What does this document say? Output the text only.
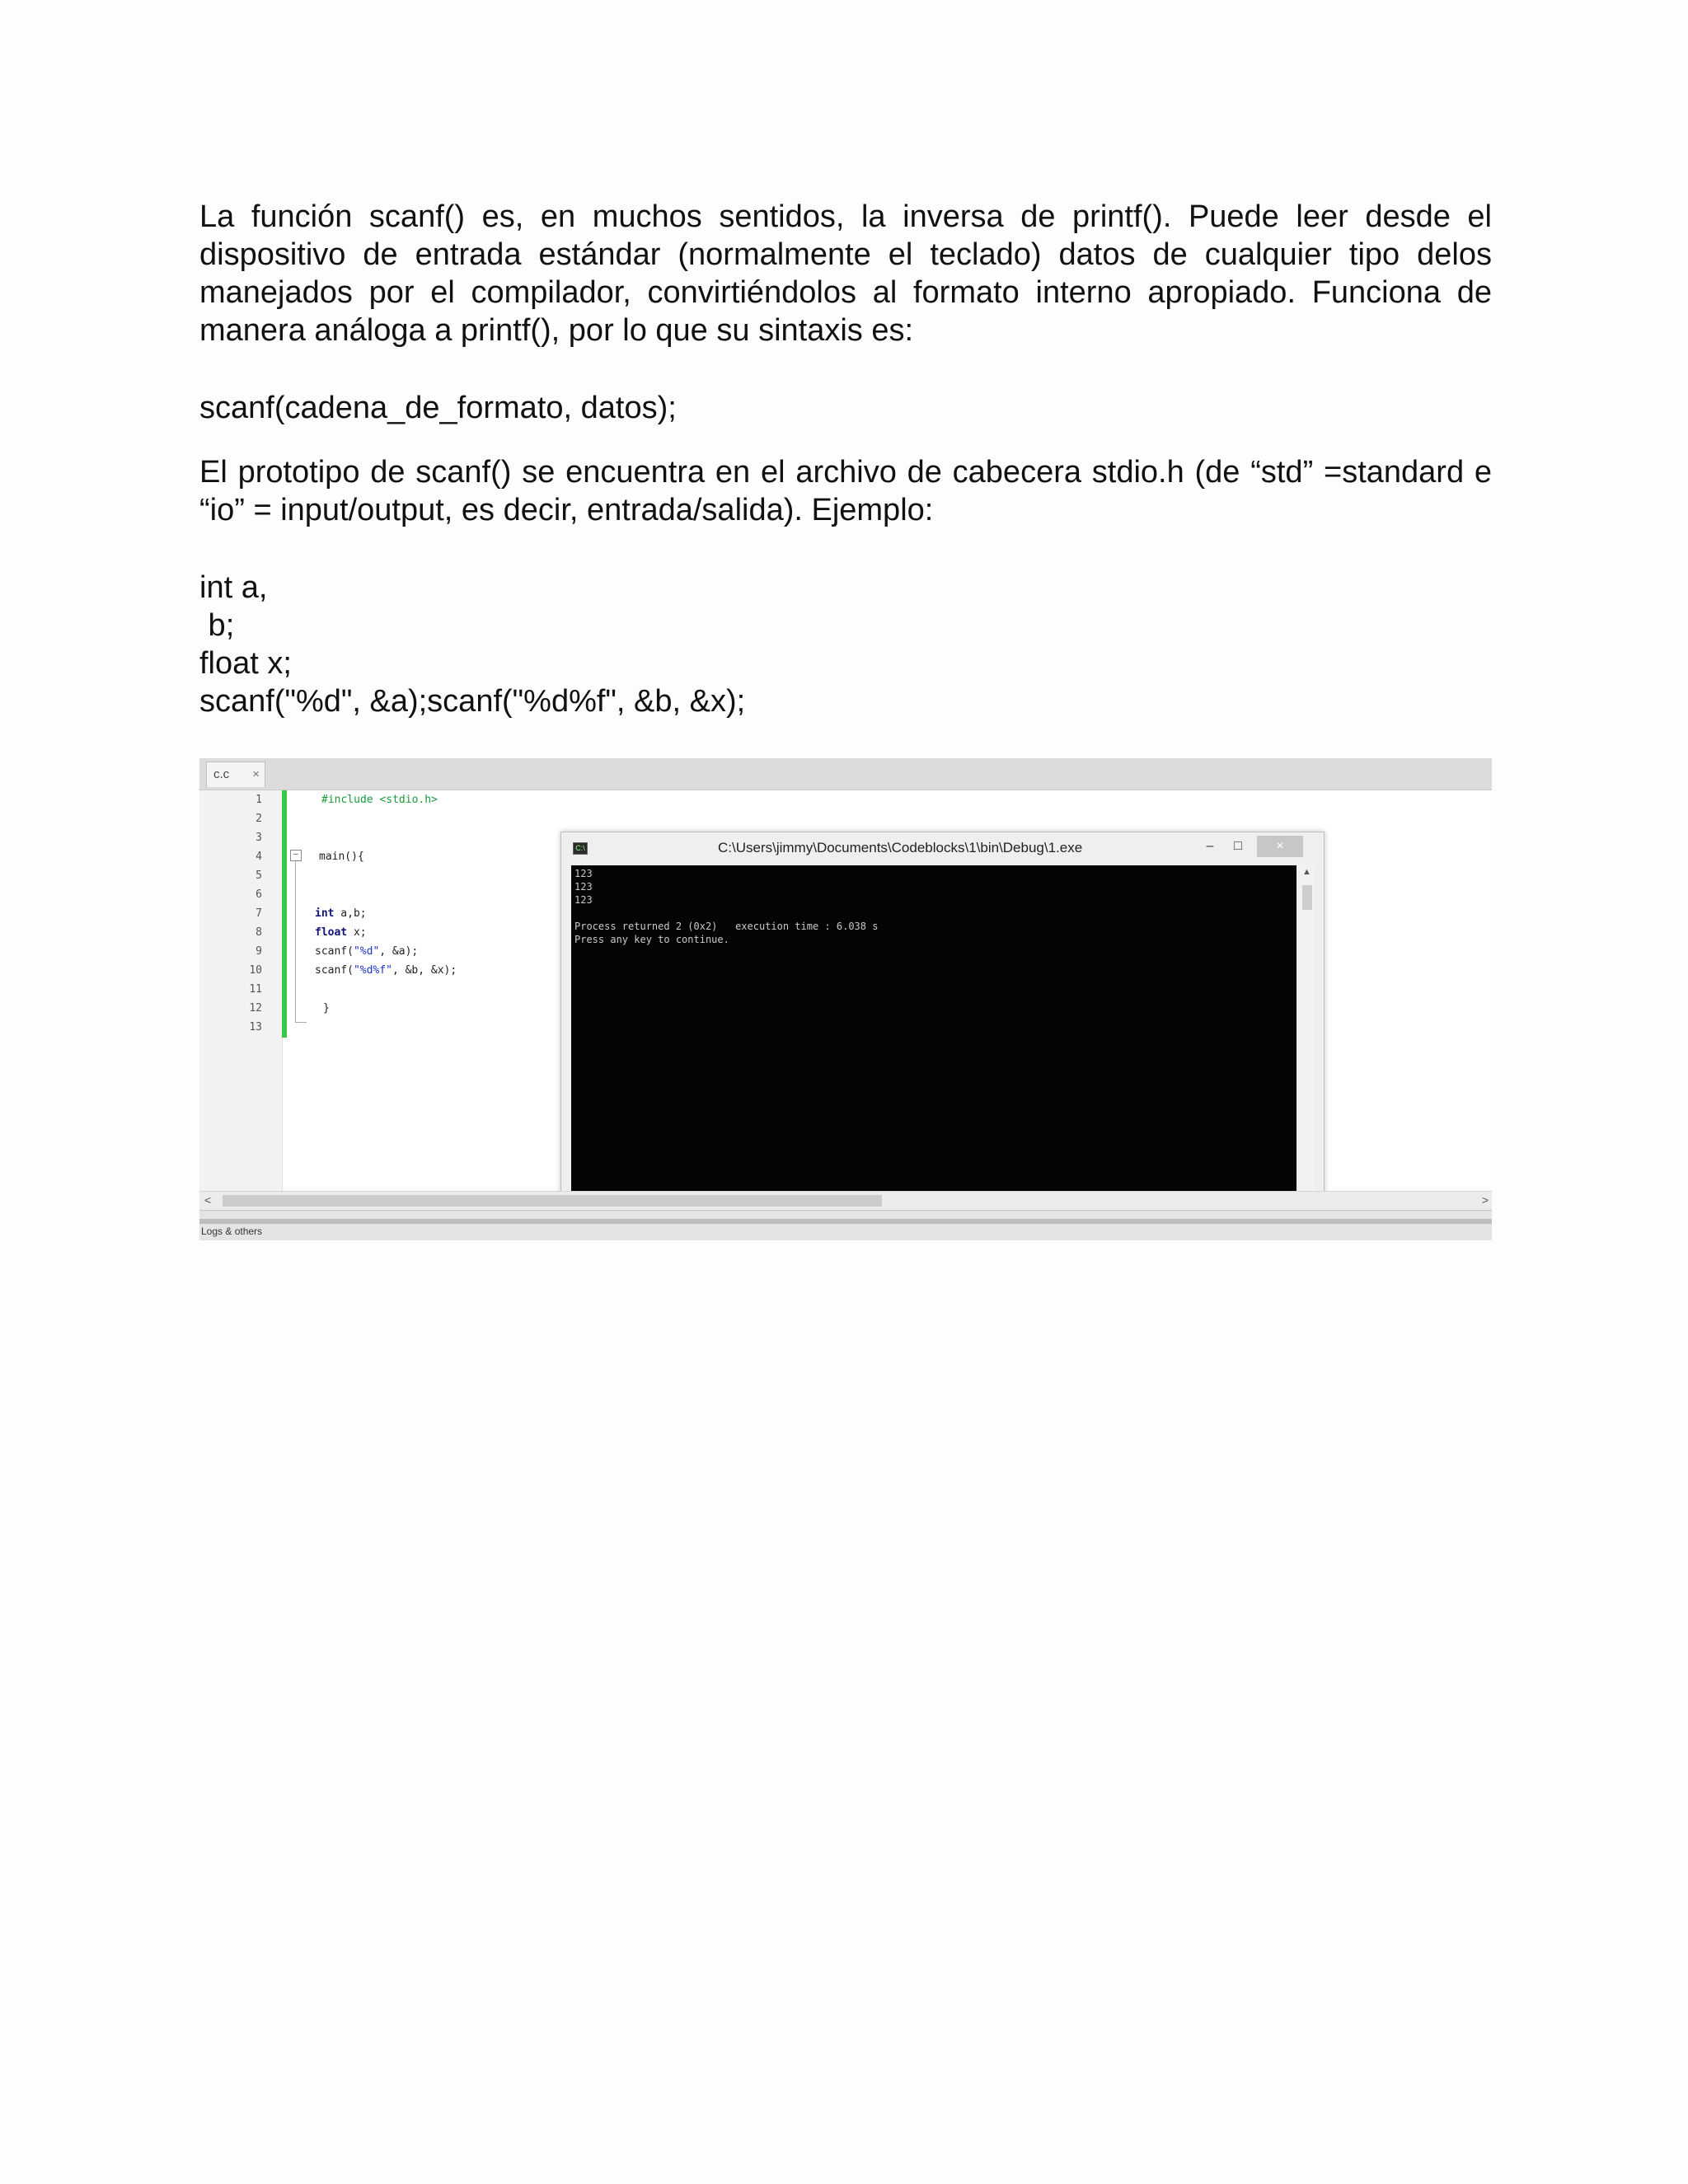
La función scanf() es, en muchos sentidos, la inversa de printf(). Puede leer desde el dispositivo de entrada estándar (normalmente el teclado) datos de cualquier tipo delos manejados por el compilador, convirtiéndolos al formato interno apropiado. Funciona de manera análoga a printf(), por lo que su sintaxis es:
scanf(cadena_de_formato, datos);
El prototipo de scanf() se encuentra en el archivo de cabecera stdio.h (de “std” =standard e “io” = input/output, es decir, entrada/salida). Ejemplo:
int a,
b;
float x;
scanf("%d", &a);scanf("%d%f", &b, &x);
c.c ×
1
2
3
4
5
6
7
8
9
10
11
12
13
−
#include <stdio.h>
main(){
int a,b;
float x;
scanf("%d", &a);
scanf("%d%f", &b, &x);
}
C:\	C:\Users\jimmy\Documents\Codeblocks\1\bin\Debug\1.exe	–	□	×
123
123
123

Process returned 2 (0x2)   execution time : 6.038 s
Press any key to continue.
▲
<	>
Logs & others
